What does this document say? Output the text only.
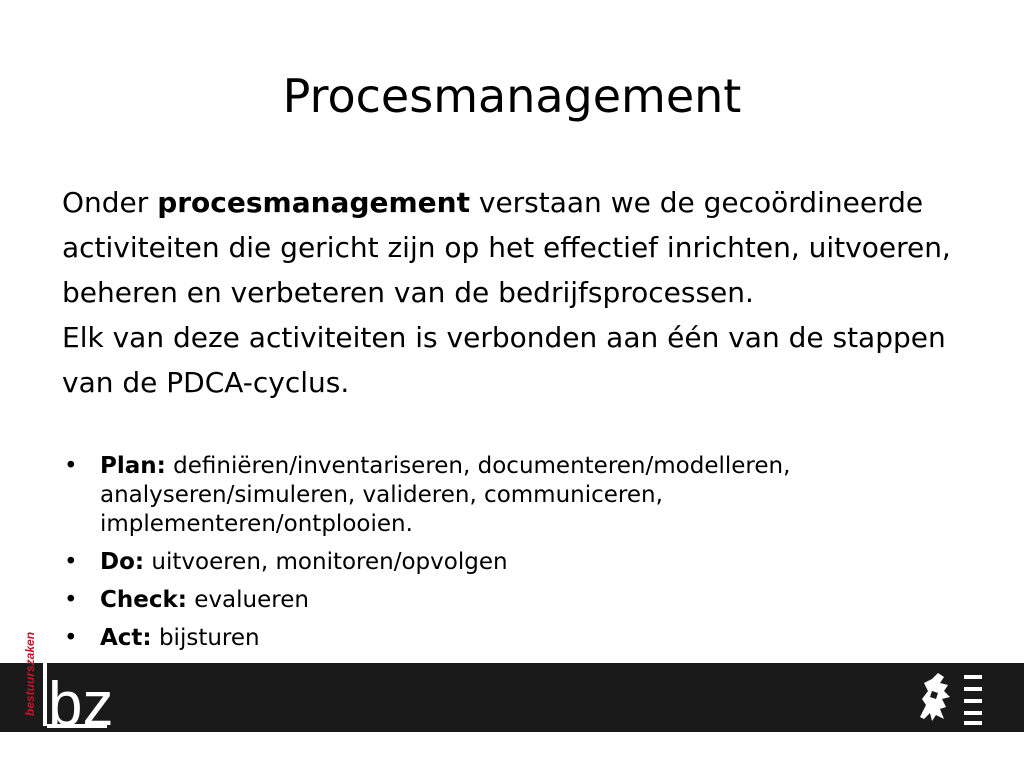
Procesmanagement

Onder procesmanagement verstaan we de gecoördineerde activiteiten die gericht zijn op het effectief inrichten, uitvoeren, beheren en verbeteren van de bedrijfsprocessen.

Elk van deze activiteiten is verbonden aan één van de stappen van de PDCA-cyclus.

• Plan: definiëren/inventariseren, documenteren/modelleren, analyseren/simuleren, valideren, communiceren, implementeren/ontplooien.
• Do: uitvoeren, monitoren/opvolgen
• Check: evalueren
• Act: bijsturen
bestuurszaken bz
